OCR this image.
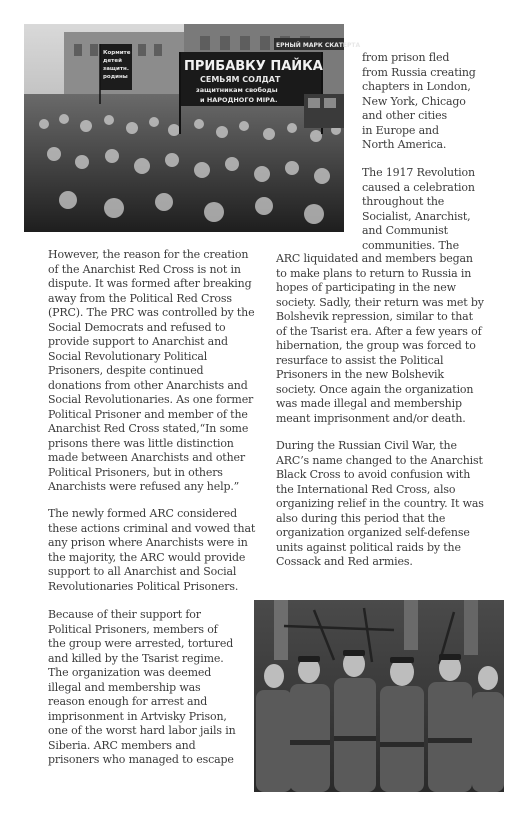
ЕРНЫЙ МАРК СКАТЕРТА
Кормите детей защитн. родины
ПРИБАВКУ ПАЙКА
СЕМЬЯМ СОЛДАТ
защитникам свободы
и НАРОДНОГО МIРА.

from prison fled
from Russia creating
chapters in London,
New York, Chicago
and other cities
in Europe and
North America.

The 1917 Revolution
caused a celebration
throughout the
Socialist, Anarchist,
and Communist
communities. The

ARC liquidated and members began
to make plans to return to Russia in
hopes of participating in the new
society. Sadly, their return was met by
Bolshevik repression, similar to that
of the Tsarist era. After a few years of
hibernation, the group was forced to
resurface to assist the Political
Prisoners in the new Bolshevik
society. Once again the organization
was made illegal and membership
meant imprisonment and/or death.

During the Russian Civil War, the
ARC’s name changed to the Anarchist
Black Cross to avoid confusion with
the International Red Cross, also
organizing relief in the country. It was
also during this period that the
organization organized self-defense
units against political raids by the
Cossack and Red armies.

However, the reason for the creation
of the Anarchist Red Cross is not in
dispute. It was formed after breaking
away from the Political Red Cross
(PRC). The PRC was controlled by the
Social Democrats and refused to
provide support to Anarchist and
Social Revolutionary Political
Prisoners, despite continued
donations from other Anarchists and
Social Revolutionaries. As one former
Political Prisoner and member of the
Anarchist Red Cross stated,“In some
prisons there was little distinction
made between Anarchists and other
Political Prisoners, but in others
Anarchists were refused any help.”

The newly formed ARC considered
these actions criminal and vowed that
any prison where Anarchists were in
the majority, the ARC would provide
support to all Anarchist and Social
Revolutionaries Political Prisoners.

Because of their support for
Political Prisoners, members of
the group were arrested, tortured
and killed by the Tsarist regime.
The organization was deemed
illegal and membership was
reason enough for arrest and
imprisonment in Artvisky Prison,
one of the worst hard labor jails in
Siberia. ARC members and
prisoners who managed to escape
